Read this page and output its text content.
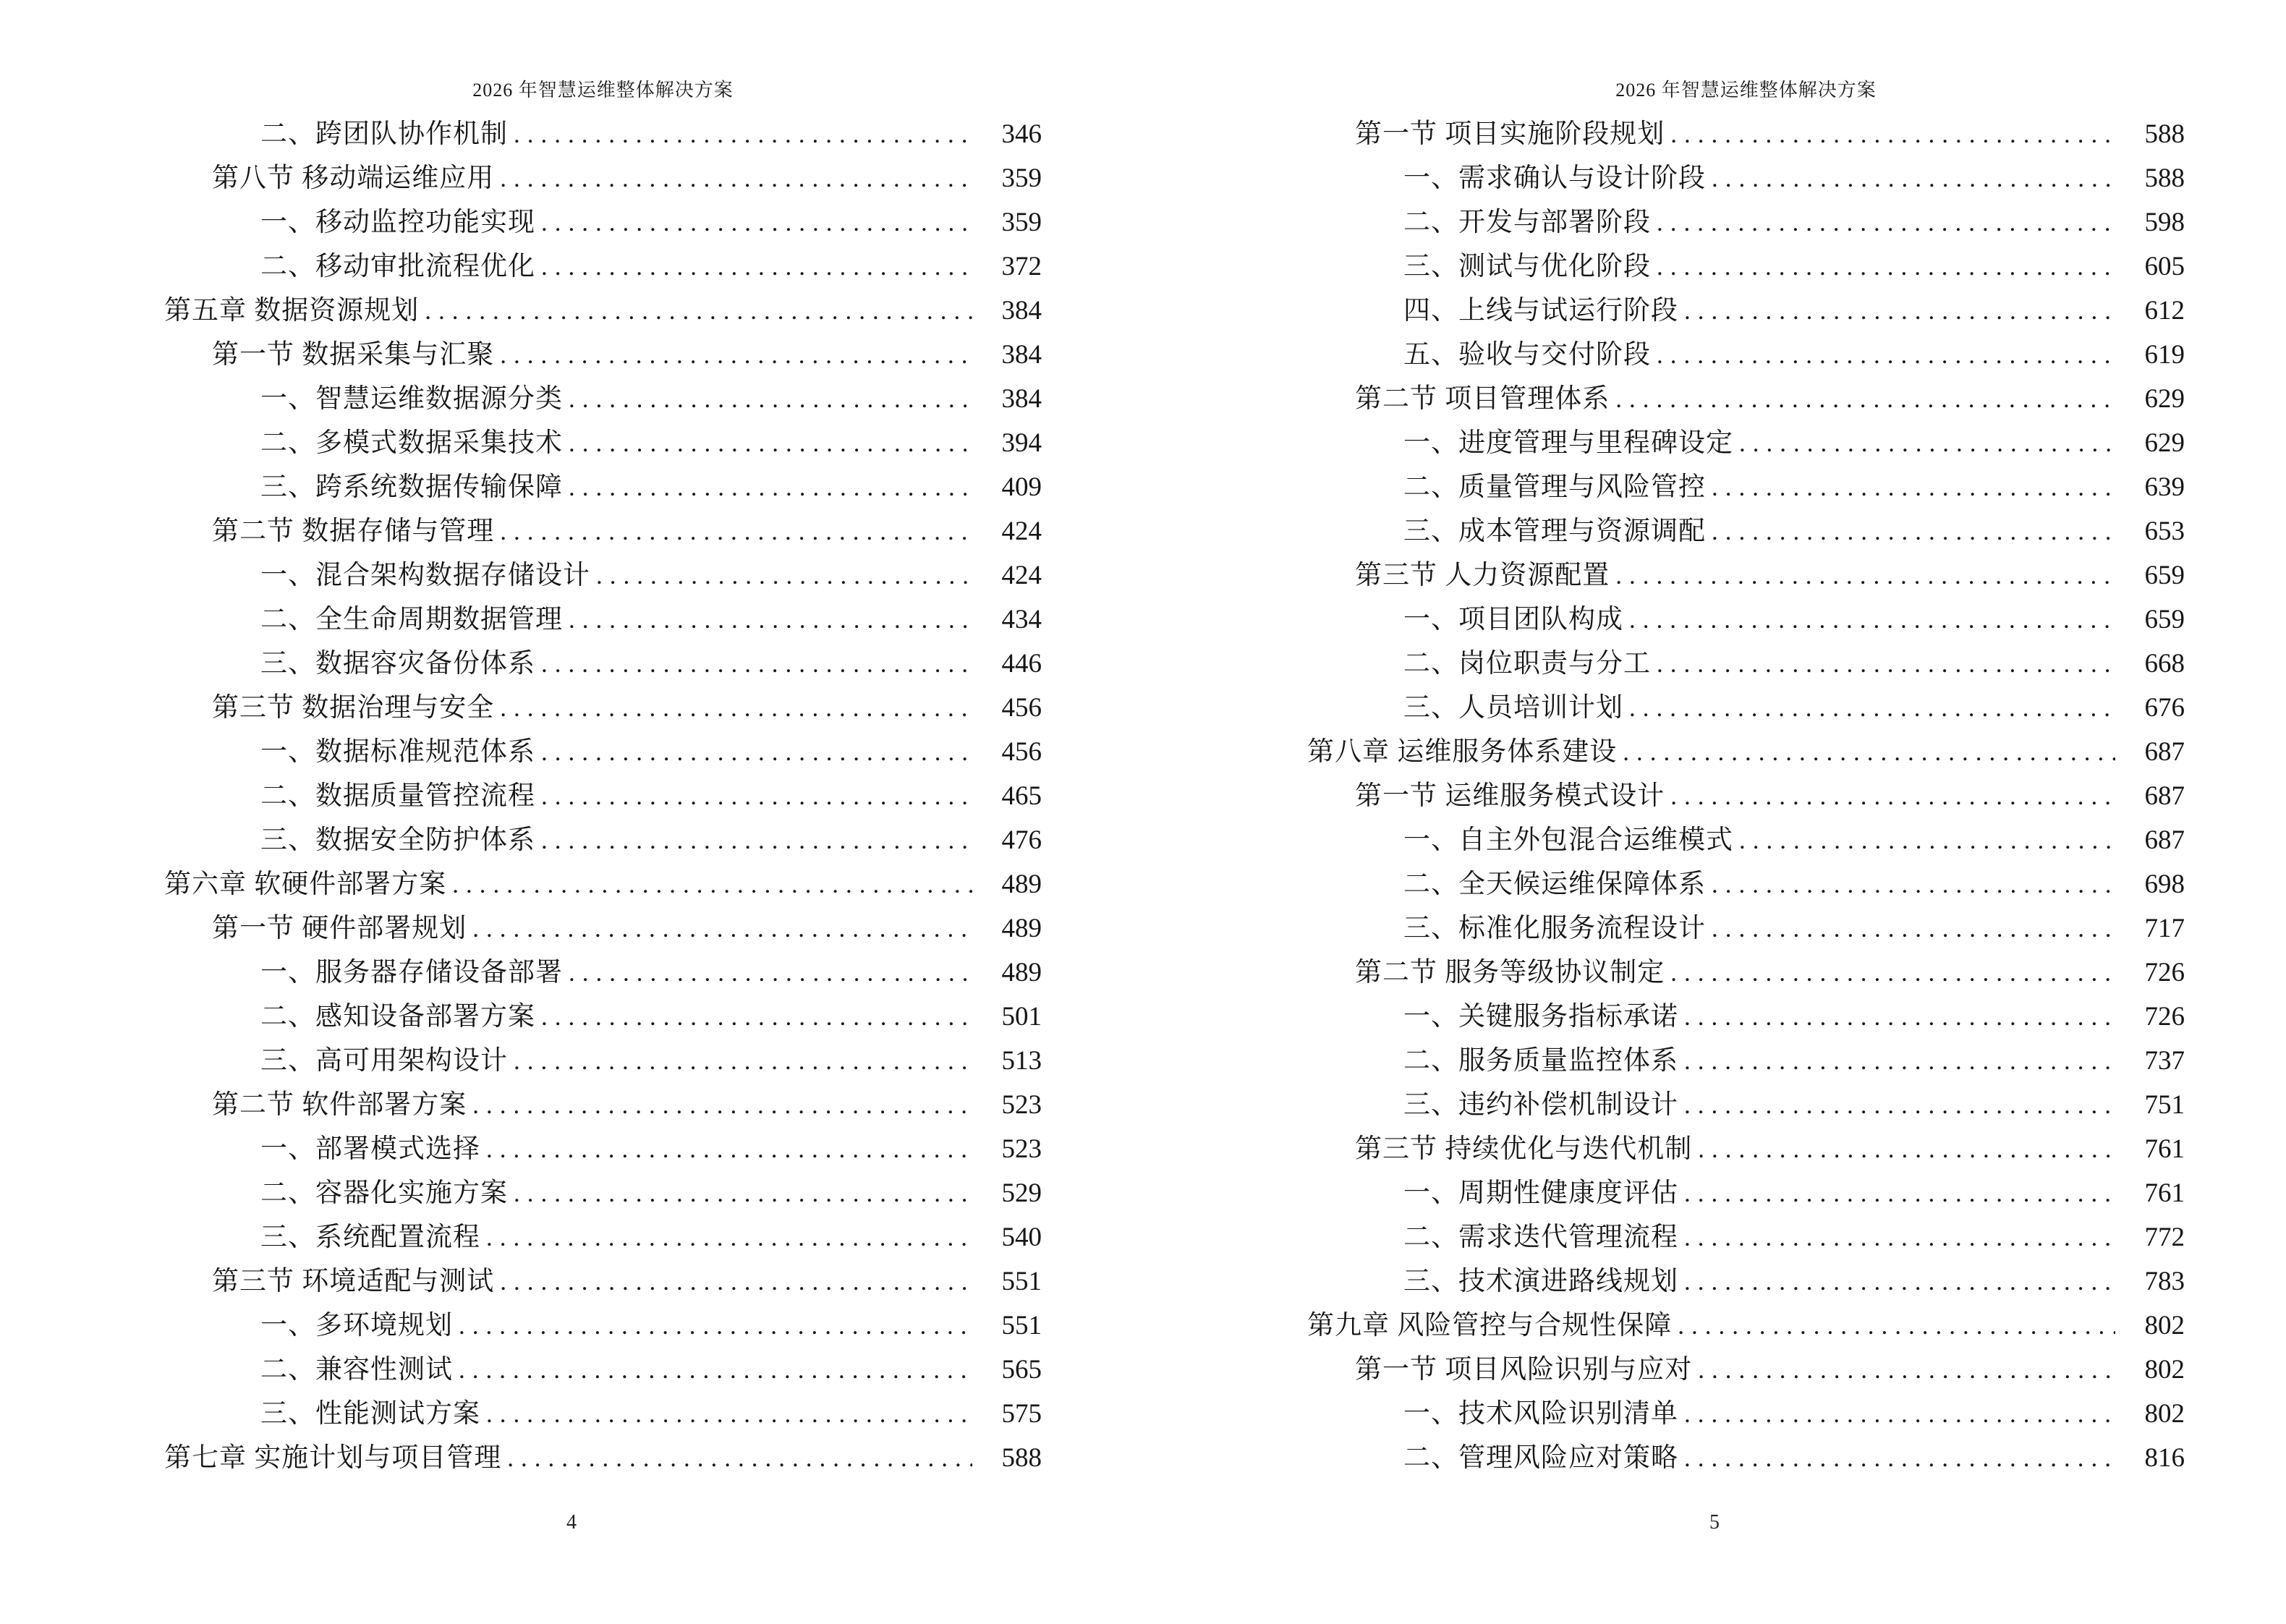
2026 年智慧运维整体解决方案
二、跨团队协作机制 .....	346
第八节 移动端运维应用 .....	359
一、移动监控功能实现 .....	359
二、移动审批流程优化 .....	372
第五章 数据资源规划 .....	384
第一节 数据采集与汇聚 .....	384
一、智慧运维数据源分类 .....	384
二、多模式数据采集技术 .....	394
三、跨系统数据传输保障 .....	409
第二节 数据存储与管理 .....	424
一、混合架构数据存储设计 .....	424
二、全生命周期数据管理 .....	434
三、数据容灾备份体系 .....	446
第三节 数据治理与安全 .....	456
一、数据标准规范体系 .....	456
二、数据质量管控流程 .....	465
三、数据安全防护体系 .....	476
第六章 软硬件部署方案 .....	489
第一节 硬件部署规划 .....	489
一、服务器存储设备部署 .....	489
二、感知设备部署方案 .....	501
三、高可用架构设计 .....	513
第二节 软件部署方案 .....	523
一、部署模式选择 .....	523
二、容器化实施方案 .....	529
三、系统配置流程 .....	540
第三节 环境适配与测试 .....	551
一、多环境规划 .....	551
二、兼容性测试 .....	565
三、性能测试方案 .....	575
第七章 实施计划与项目管理 .....	588
4
2026 年智慧运维整体解决方案
第一节 项目实施阶段规划 .....	588
一、需求确认与设计阶段 .....	588
二、开发与部署阶段 .....	598
三、测试与优化阶段 .....	605
四、上线与试运行阶段 .....	612
五、验收与交付阶段 .....	619
第二节 项目管理体系 .....	629
一、进度管理与里程碑设定 .....	629
二、质量管理与风险管控 .....	639
三、成本管理与资源调配 .....	653
第三节 人力资源配置 .....	659
一、项目团队构成 .....	659
二、岗位职责与分工 .....	668
三、人员培训计划 .....	676
第八章 运维服务体系建设 .....	687
第一节 运维服务模式设计 .....	687
一、自主外包混合运维模式 .....	687
二、全天候运维保障体系 .....	698
三、标准化服务流程设计 .....	717
第二节 服务等级协议制定 .....	726
一、关键服务指标承诺 .....	726
二、服务质量监控体系 .....	737
三、违约补偿机制设计 .....	751
第三节 持续优化与迭代机制 .....	761
一、周期性健康度评估 .....	761
二、需求迭代管理流程 .....	772
三、技术演进路线规划 .....	783
第九章 风险管控与合规性保障 .....	802
第一节 项目风险识别与应对 .....	802
一、技术风险识别清单 .....	802
二、管理风险应对策略 .....	816
5
